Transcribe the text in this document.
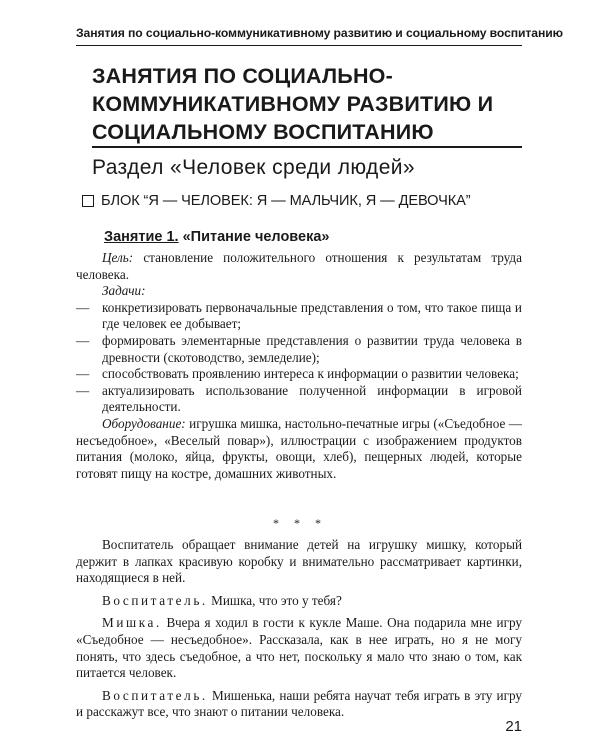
Занятия по социально-коммуникативному развитию и социальному воспитанию
ЗАНЯТИЯ ПО СОЦИАЛЬНО-КОММУНИКАТИВНОМУ РАЗВИТИЮ И СОЦИАЛЬНОМУ ВОСПИТАНИЮ
Раздел «Человек среди людей»
БЛОК “Я — ЧЕЛОВЕК: Я — МАЛЬЧИК, Я — ДЕВОЧКА”
Занятие 1. «Питание человека»

Цель: становление положительного отношения к результатам труда человека.

Задачи:

— конкретизировать первоначальные представления о том, что такое пища и где человек ее добывает;
— формировать элементарные представления о развитии труда человека в древности (скотоводство, земледелие);
— способствовать проявлению интереса к информации о развитии человека;
— актуализировать использование полученной информации в игровой деятельности.

Оборудование: игрушка мишка, настольно-печатные игры («Съедобное — несъедобное», «Веселый повар»), иллюстрации с изображением продуктов питания (молоко, яйца, фрукты, овощи, хлеб), пещерных людей, которые готовят пищу на костре, домашних животных.

* * *

Воспитатель обращает внимание детей на игрушку мишку, который держит в лапках красивую коробку и внимательно рассматривает картинки, находящиеся в ней.

Воспитатель. Мишка, что это у тебя?

Мишка. Вчера я ходил в гости к кукле Маше. Она подарила мне игру «Съедобное — несъедобное». Рассказала, как в нее играть, но я не могу понять, что здесь съедобное, а что нет, поскольку я мало что знаю о том, как питается человек.

Воспитатель. Мишенька, наши ребята научат тебя играть в эту игру и расскажут все, что знают о питании человека.

21
